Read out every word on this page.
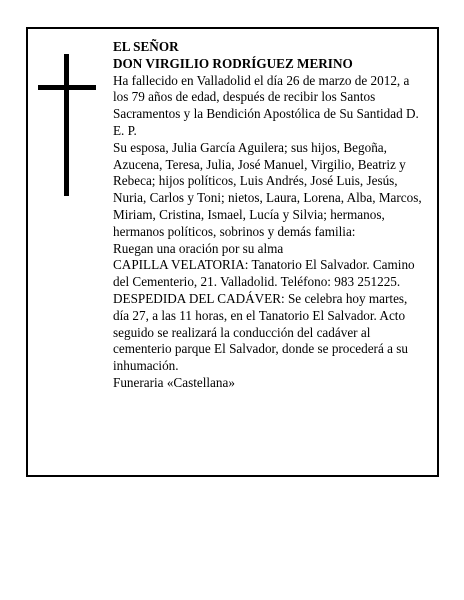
EL SEÑOR

DON VIRGILIO RODRÍGUEZ MERINO

Ha fallecido en Valladolid el día 26 de marzo de 2012, a los 79 años de edad, después de recibir los Santos Sacramentos y la Bendición Apostólica de Su Santidad D. E. P.

Su esposa, Julia García Aguilera; sus hijos, Begoña, Azucena, Teresa, Julia, José Manuel, Virgilio, Beatriz y Rebeca; hijos políticos, Luis Andrés, José Luis, Jesús, Nuria, Carlos y Toni; nietos, Laura, Lorena, Alba, Marcos, Miriam, Cristina, Ismael, Lucía y Silvia; hermanos, hermanos políticos, sobrinos y demás familia:

Ruegan una oración por su alma

CAPILLA VELATORIA: Tanatorio El Salvador. Camino del Cementerio, 21. Valladolid. Teléfono: 983 251225.

DESPEDIDA DEL CADÁVER: Se celebra hoy martes, día 27, a las 11 horas, en el Tanatorio El Salvador. Acto seguido se realizará la conducción del cadáver al cementerio parque El Salvador, donde se procederá a su inhumación.

Funeraria «Castellana»
